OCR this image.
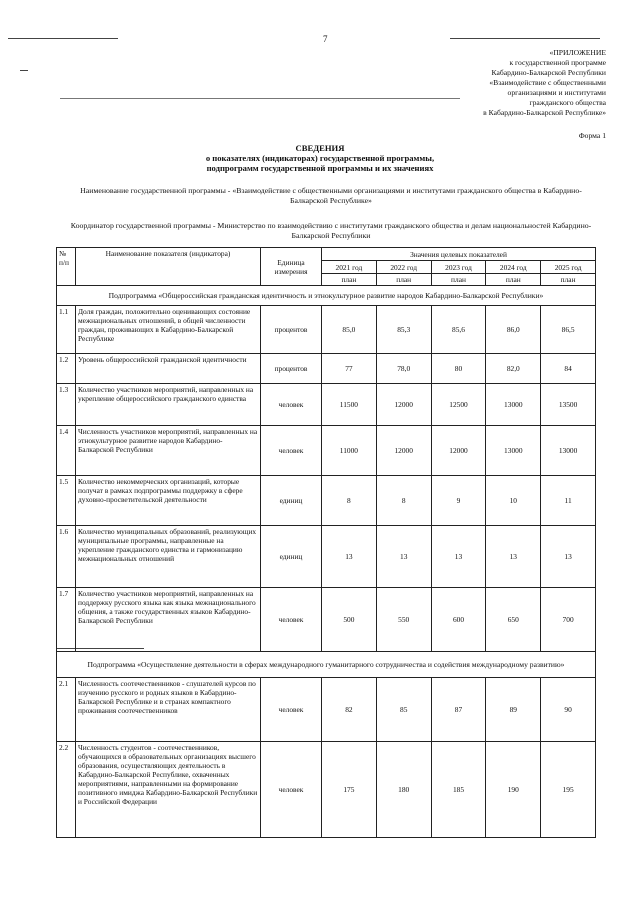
7
«ПРИЛОЖЕНИЕ
к государственной программе
Кабардино-Балкарской Республики
«Взаимодействие с общественными
организациями и институтами
гражданского общества
в Кабардино-Балкарской Республике»
Форма 1
СВЕДЕНИЯ
о показателях (индикаторах) государственной программы,
подпрограмм государственной программы и их значениях
Наименование государственной программы - «Взаимодействие с общественными организациями и институтами гражданского общества в Кабардино-Балкарской Республике»
Координатор государственной программы - Министерство по взаимодействию с институтами гражданского общества и делам национальностей Кабардино-Балкарской Республики
№ п/п	Наименование показателя (индикатора)	Единица измерения	Значения целевых показателей				
			2021 год	2022 год	2023 год	2024 год	2025 год
			план	план	план	план	план
Подпрограмма «Общероссийская гражданская идентичность и этнокультурное развитие народов Кабардино-Балкарской Республики»							
1.1	Доля граждан, положительно оценивающих состояние межнациональных отношений, в общей численности граждан, проживающих в Кабардино-Балкарской Республике	процентов	85,0	85,3	85,6	86,0	86,5
1.2	Уровень общероссийской гражданской идентичности	процентов	77	78,0	80	82,0	84
1.3	Количество участников мероприятий, направленных на укрепление общероссийского гражданского единства	человек	11500	12000	12500	13000	13500
1.4	Численность участников мероприятий, направленных на этнокультурное развитие народов Кабардино-Балкарской Республики	человек	11000	12000	12000	13000	13000
1.5	Количество некоммерческих организаций, которые получат в рамках подпрограммы поддержку в сфере духовно-просветительской деятельности	единиц	8	8	9	10	11
1.6	Количество муниципальных образований, реализующих муниципальные программы, направленные на укрепление гражданского единства и гармонизацию межнациональных отношений	единиц	13	13	13	13	13
1.7	Количество участников мероприятий, направленных на поддержку русского языка как языка межнационального общения, а также государственных языков Кабардино-Балкарской Республики	человек	500	550	600	650	700
Подпрограмма «Осуществление деятельности в сферах международного гуманитарного сотрудничества и содействия международному развитию»							
2.1	Численность соотечественников - слушателей курсов по изучению русского и родных языков в Кабардино-Балкарской Республике и в странах компактного проживания соотечественников	человек	82	85	87	89	90
2.2	Численность студентов - соотечественников, обучающихся в образовательных организациях высшего образования, осуществляющих деятельность в Кабардино-Балкарской Республике, охваченных мероприятиями, направленными на формирование позитивного имиджа Кабардино-Балкарской Республики и Российской Федерации	человек	175	180	185	190	195
